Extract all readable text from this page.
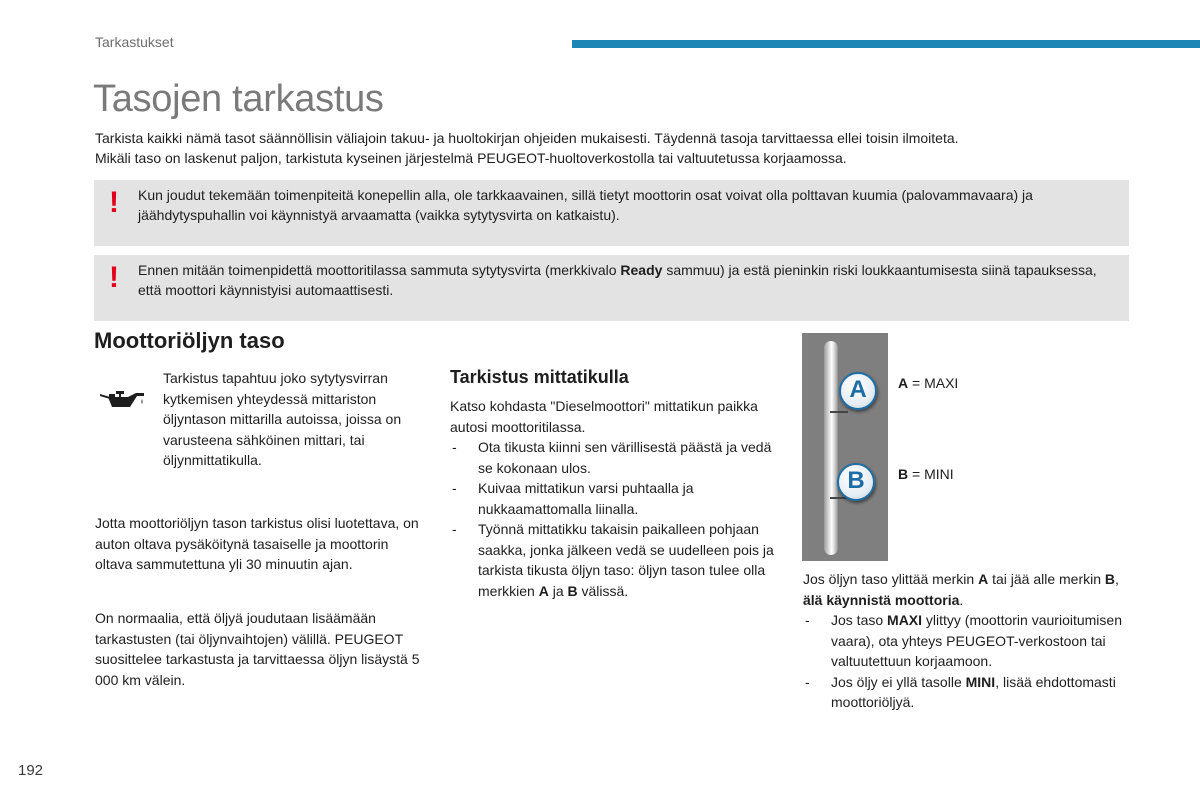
Tarkastukset
Tasojen tarkastus
Tarkista kaikki nämä tasot säännöllisin väliajoin takuu- ja huoltokirjan ohjeiden mukaisesti. Täydennä tasoja tarvittaessa ellei toisin ilmoiteta.
Mikäli taso on laskenut paljon, tarkistuta kyseinen järjestelmä PEUGEOT-huoltoverkostolla tai valtuutetussa korjaamossa.
! Kun joudut tekemään toimenpiteitä konepellin alla, ole tarkkaavainen, sillä tietyt moottorin osat voivat olla polttavan kuumia (palovammavaara) ja jäähdytyspuhallin voi käynnistyä arvaamatta (vaikka sytytysvirta on katkaistu).
! Ennen mitään toimenpidettä moottoritilassa sammuta sytytysvirta (merkkivalo Ready sammuu) ja estä pieninkin riski loukkaantumisesta siinä tapauksessa, että moottori käynnistyisi automaattisesti.
Moottoriöljyn taso
Tarkistus tapahtuu joko sytytysvirran kytkemisen yhteydessä mittariston öljyntason mittarilla autoissa, joissa on varusteena sähköinen mittari, tai öljynmittatikulla.
Jotta moottoriöljyn tason tarkistus olisi luotettava, on auton oltava pysäköitynä tasaiselle ja moottorin oltava sammutettuna yli 30 minuutin ajan.
On normaalia, että öljyä joudutaan lisäämään tarkastusten (tai öljynvaihtojen) välillä. PEUGEOT suosittelee tarkastusta ja tarvittaessa öljyn lisäystä 5 000 km välein.
Tarkistus mittatikulla
Katso kohdasta "Dieselmoottori" mittatikun paikka autosi moottoritilassa.
- Ota tikusta kiinni sen värillisestä päästä ja vedä se kokonaan ulos.
- Kuivaa mittatikun varsi puhtaalla ja nukkaamattomalla liinalla.
- Työnnä mittatikku takaisin paikalleen pohjaan saakka, jonka jälkeen vedä se uudelleen pois ja tarkista tikusta öljyn taso: öljyn tason tulee olla merkkien A ja B välissä.
A
B
A = MAXI
B = MINI
Jos öljyn taso ylittää merkin A tai jää alle merkin B, älä käynnistä moottoria.
- Jos taso MAXI ylittyy (moottorin vaurioitumisen vaara), ota yhteys PEUGEOT-verkostoon tai valtuutettuun korjaamoon.
- Jos öljy ei yllä tasolle MINI, lisää ehdottomasti moottoriöljyä.
192
